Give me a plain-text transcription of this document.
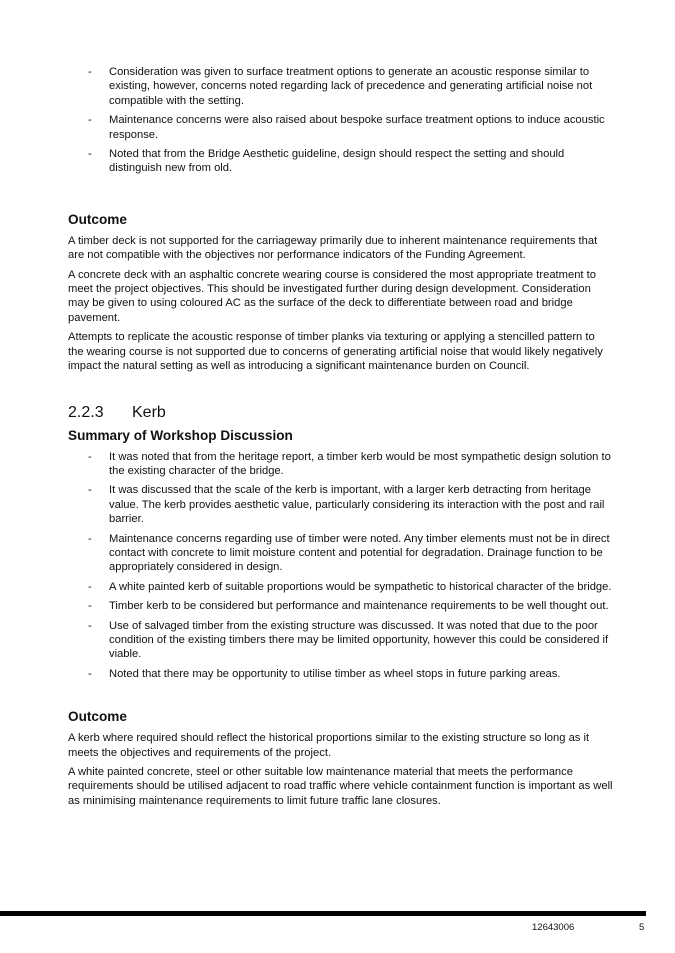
- Consideration was given to surface treatment options to generate an acoustic response similar to existing, however, concerns noted regarding lack of precedence and generating artificial noise not compatible with the setting.
- Maintenance concerns were also raised about bespoke surface treatment options to induce acoustic response.
- Noted that from the Bridge Aesthetic guideline, design should respect the setting and should distinguish new from old.
Outcome

A timber deck is not supported for the carriageway primarily due to inherent maintenance requirements that are not compatible with the objectives nor performance indicators of the Funding Agreement.

A concrete deck with an asphaltic concrete wearing course is considered the most appropriate treatment to meet the project objectives. This should be investigated further during design development. Consideration may be given to using coloured AC as the surface of the deck to differentiate between road and bridge pavement.

Attempts to replicate the acoustic response of timber planks via texturing or applying a stencilled pattern to the wearing course is not supported due to concerns of generating artificial noise that would likely negatively impact the natural setting as well as introducing a significant maintenance burden on Council.

2.2.3	Kerb
Summary of Workshop Discussion
- It was noted that from the heritage report, a timber kerb would be most sympathetic design solution to the existing character of the bridge.
- It was discussed that the scale of the kerb is important, with a larger kerb detracting from heritage value. The kerb provides aesthetic value, particularly considering its interaction with the post and rail barrier.
- Maintenance concerns regarding use of timber were noted. Any timber elements must not be in direct contact with concrete to limit moisture content and potential for degradation. Drainage function to be appropriately considered in design.
- A white painted kerb of suitable proportions would be sympathetic to historical character of the bridge.
- Timber kerb to be considered but performance and maintenance requirements to be well thought out.
- Use of salvaged timber from the existing structure was discussed. It was noted that due to the poor condition of the existing timbers there may be limited opportunity, however this could be considered if viable.
- Noted that there may be opportunity to utilise timber as wheel stops in future parking areas.
Outcome

A kerb where required should reflect the historical proportions similar to the existing structure so long as it meets the objectives and requirements of the project.

A white painted concrete, steel or other suitable low maintenance material that meets the performance requirements should be utilised adjacent to road traffic where vehicle containment function is important as well as minimising maintenance requirements to limit future traffic lane closures.

12643006	5
